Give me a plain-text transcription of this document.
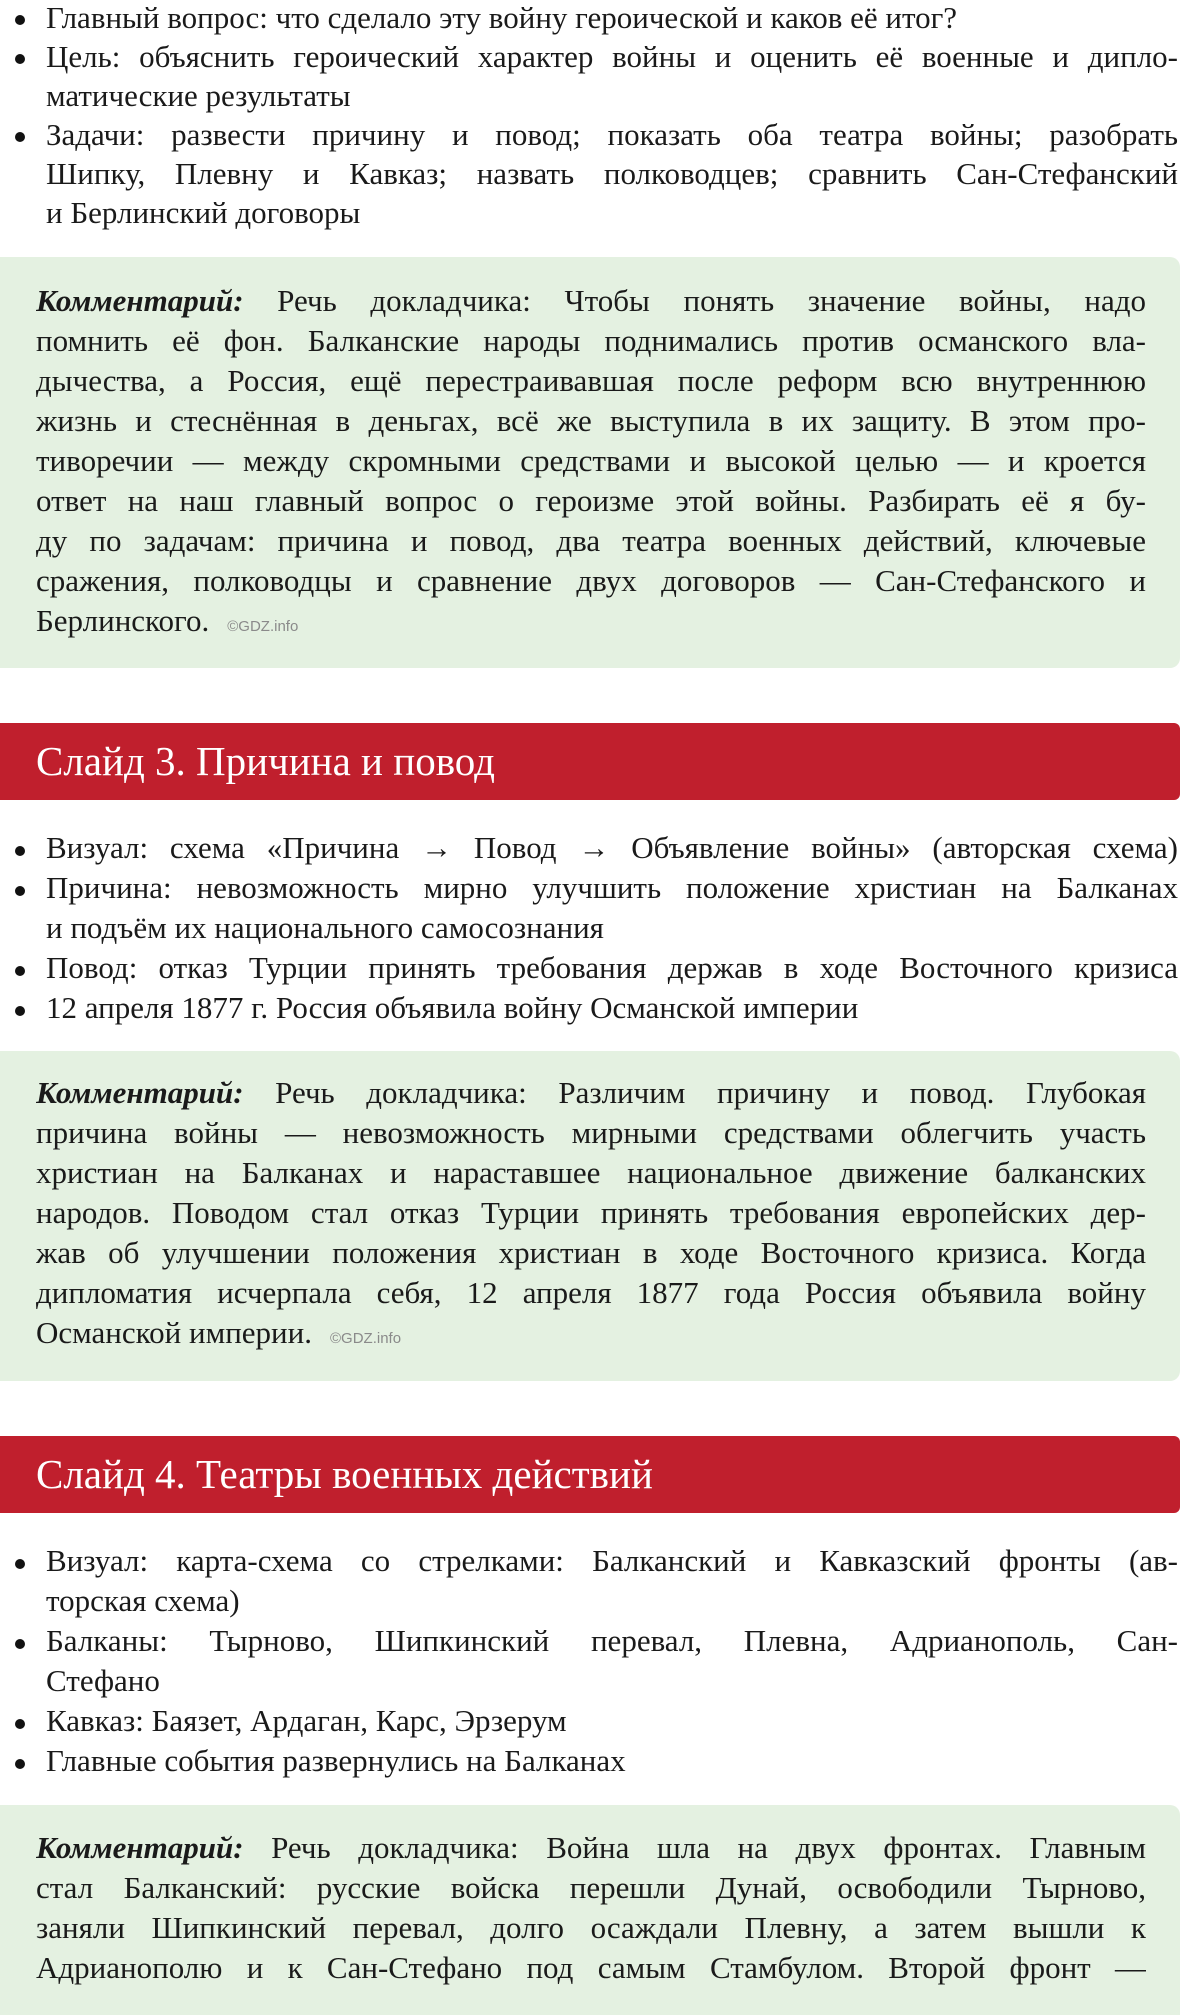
Главный вопрос: что сделало эту войну героической и каков её итог?
Цель: объяснить героический характер войны и оценить её военные и дипло-
матические результаты
Задачи: развести причину и повод; показать оба театра войны; разобрать
Шипку, Плевну и Кавказ; назвать полководцев; сравнить Сан-Стефанский
и Берлинский договоры
Комментарий: Речь докладчика: Чтобы понять значение войны, надо
помнить её фон. Балканские народы поднимались против османского вла-
дычества, а Россия, ещё перестраивавшая после реформ всю внутреннюю
жизнь и стеснённая в деньгах, всё же выступила в их защиту. В этом про-
тиворечии — между скромными средствами и высокой целью — и кроется
ответ на наш главный вопрос о героизме этой войны. Разбирать её я бу-
ду по задачам: причина и повод, два театра военных действий, ключевые
сражения, полководцы и сравнение двух договоров — Сан-Стефанского и
Берлинского. ©GDZ.info
Слайд 3. Причина и повод
Визуал: схема «Причина → Повод → Объявление войны» (авторская схема)
Причина: невозможность мирно улучшить положение христиан на Балканах
и подъём их национального самосознания
Повод: отказ Турции принять требования держав в ходе Восточного кризиса
12 апреля 1877 г. Россия объявила войну Османской империи
Комментарий: Речь докладчика: Различим причину и повод. Глубокая
причина войны — невозможность мирными средствами облегчить участь
христиан на Балканах и нараставшее национальное движение балканских
народов. Поводом стал отказ Турции принять требования европейских дер-
жав об улучшении положения христиан в ходе Восточного кризиса. Когда
дипломатия исчерпала себя, 12 апреля 1877 года Россия объявила войну
Османской империи. ©GDZ.info
Слайд 4. Театры военных действий
Визуал: карта-схема со стрелками: Балканский и Кавказский фронты (ав-
торская схема)
Балканы: Тырново, Шипкинский перевал, Плевна, Адрианополь, Сан-
Стефано
Кавказ: Баязет, Ардаган, Карс, Эрзерум
Главные события развернулись на Балканах
Комментарий: Речь докладчика: Война шла на двух фронтах. Главным
стал Балканский: русские войска перешли Дунай, освободили Тырново,
заняли Шипкинский перевал, долго осаждали Плевну, а затем вышли к
Адрианополю и к Сан-Стефано под самым Стамбулом. Второй фронт —
